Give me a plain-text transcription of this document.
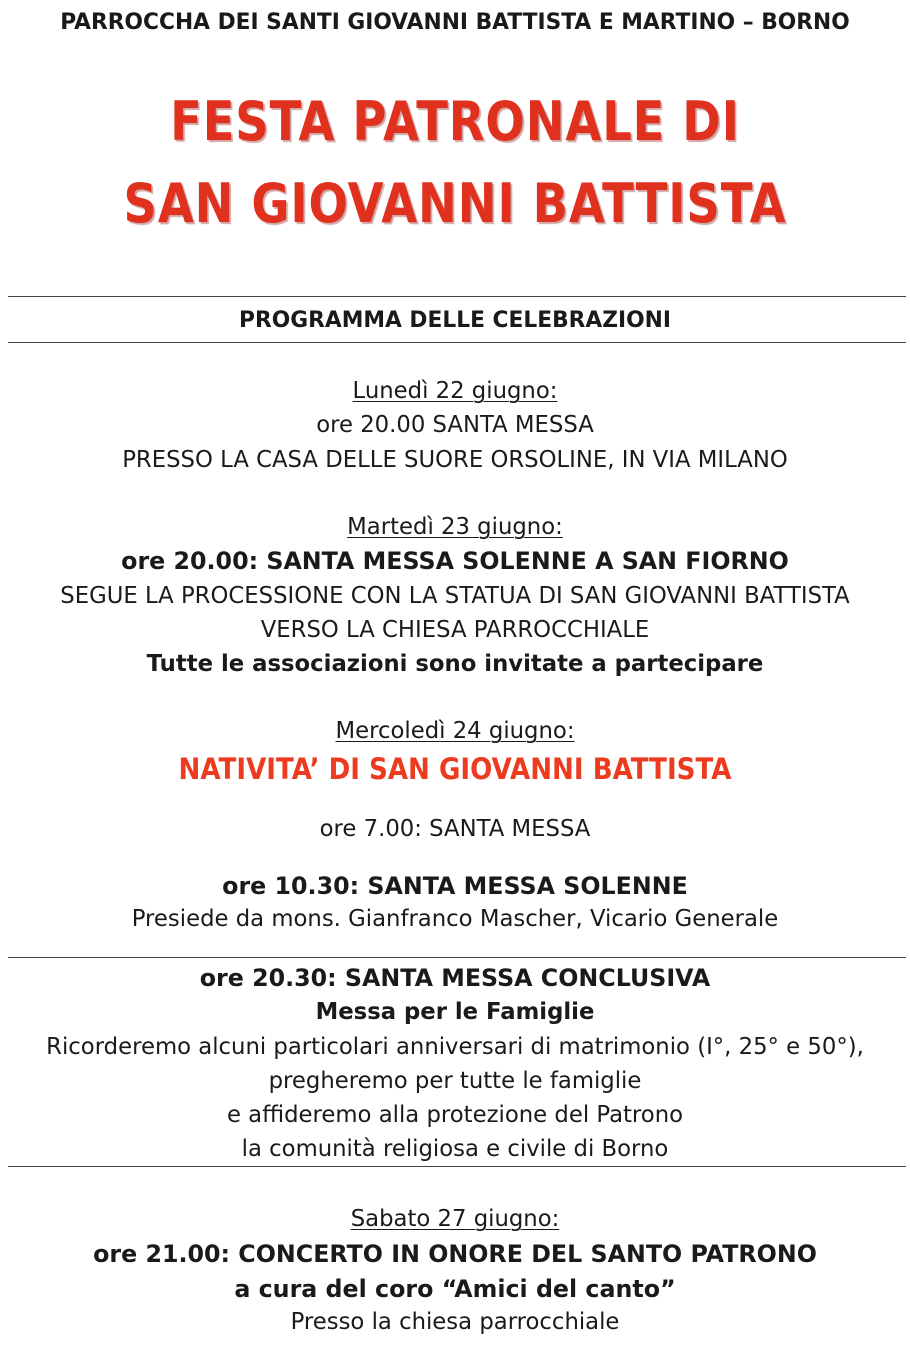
PARROCCHA DEI SANTI GIOVANNI BATTISTA E MARTINO – BORNO
FESTA PATRONALE DI
SAN GIOVANNI BATTISTA
PROGRAMMA DELLE CELEBRAZIONI
Lunedì 22 giugno:
ore 20.00 SANTA MESSA
PRESSO LA CASA DELLE SUORE ORSOLINE, IN VIA MILANO
Martedì 23 giugno:
ore 20.00: SANTA MESSA SOLENNE A SAN FIORNO
SEGUE LA PROCESSIONE CON LA STATUA DI SAN GIOVANNI BATTISTA
VERSO LA CHIESA PARROCCHIALE
Tutte le associazioni sono invitate a partecipare
Mercoledì 24 giugno:
NATIVITA’ DI SAN GIOVANNI BATTISTA
ore 7.00: SANTA MESSA
ore 10.30: SANTA MESSA SOLENNE
Presiede da mons. Gianfranco Mascher, Vicario Generale
ore 20.30: SANTA MESSA CONCLUSIVA
Messa per le Famiglie
Ricorderemo alcuni particolari anniversari di matrimonio (I°, 25° e 50°),
pregheremo per tutte le famiglie
e affideremo alla protezione del Patrono
la comunità religiosa e civile di Borno
Sabato 27 giugno:
ore 21.00: CONCERTO IN ONORE DEL SANTO PATRONO
a cura del coro “Amici del canto”
Presso la chiesa parrocchiale
